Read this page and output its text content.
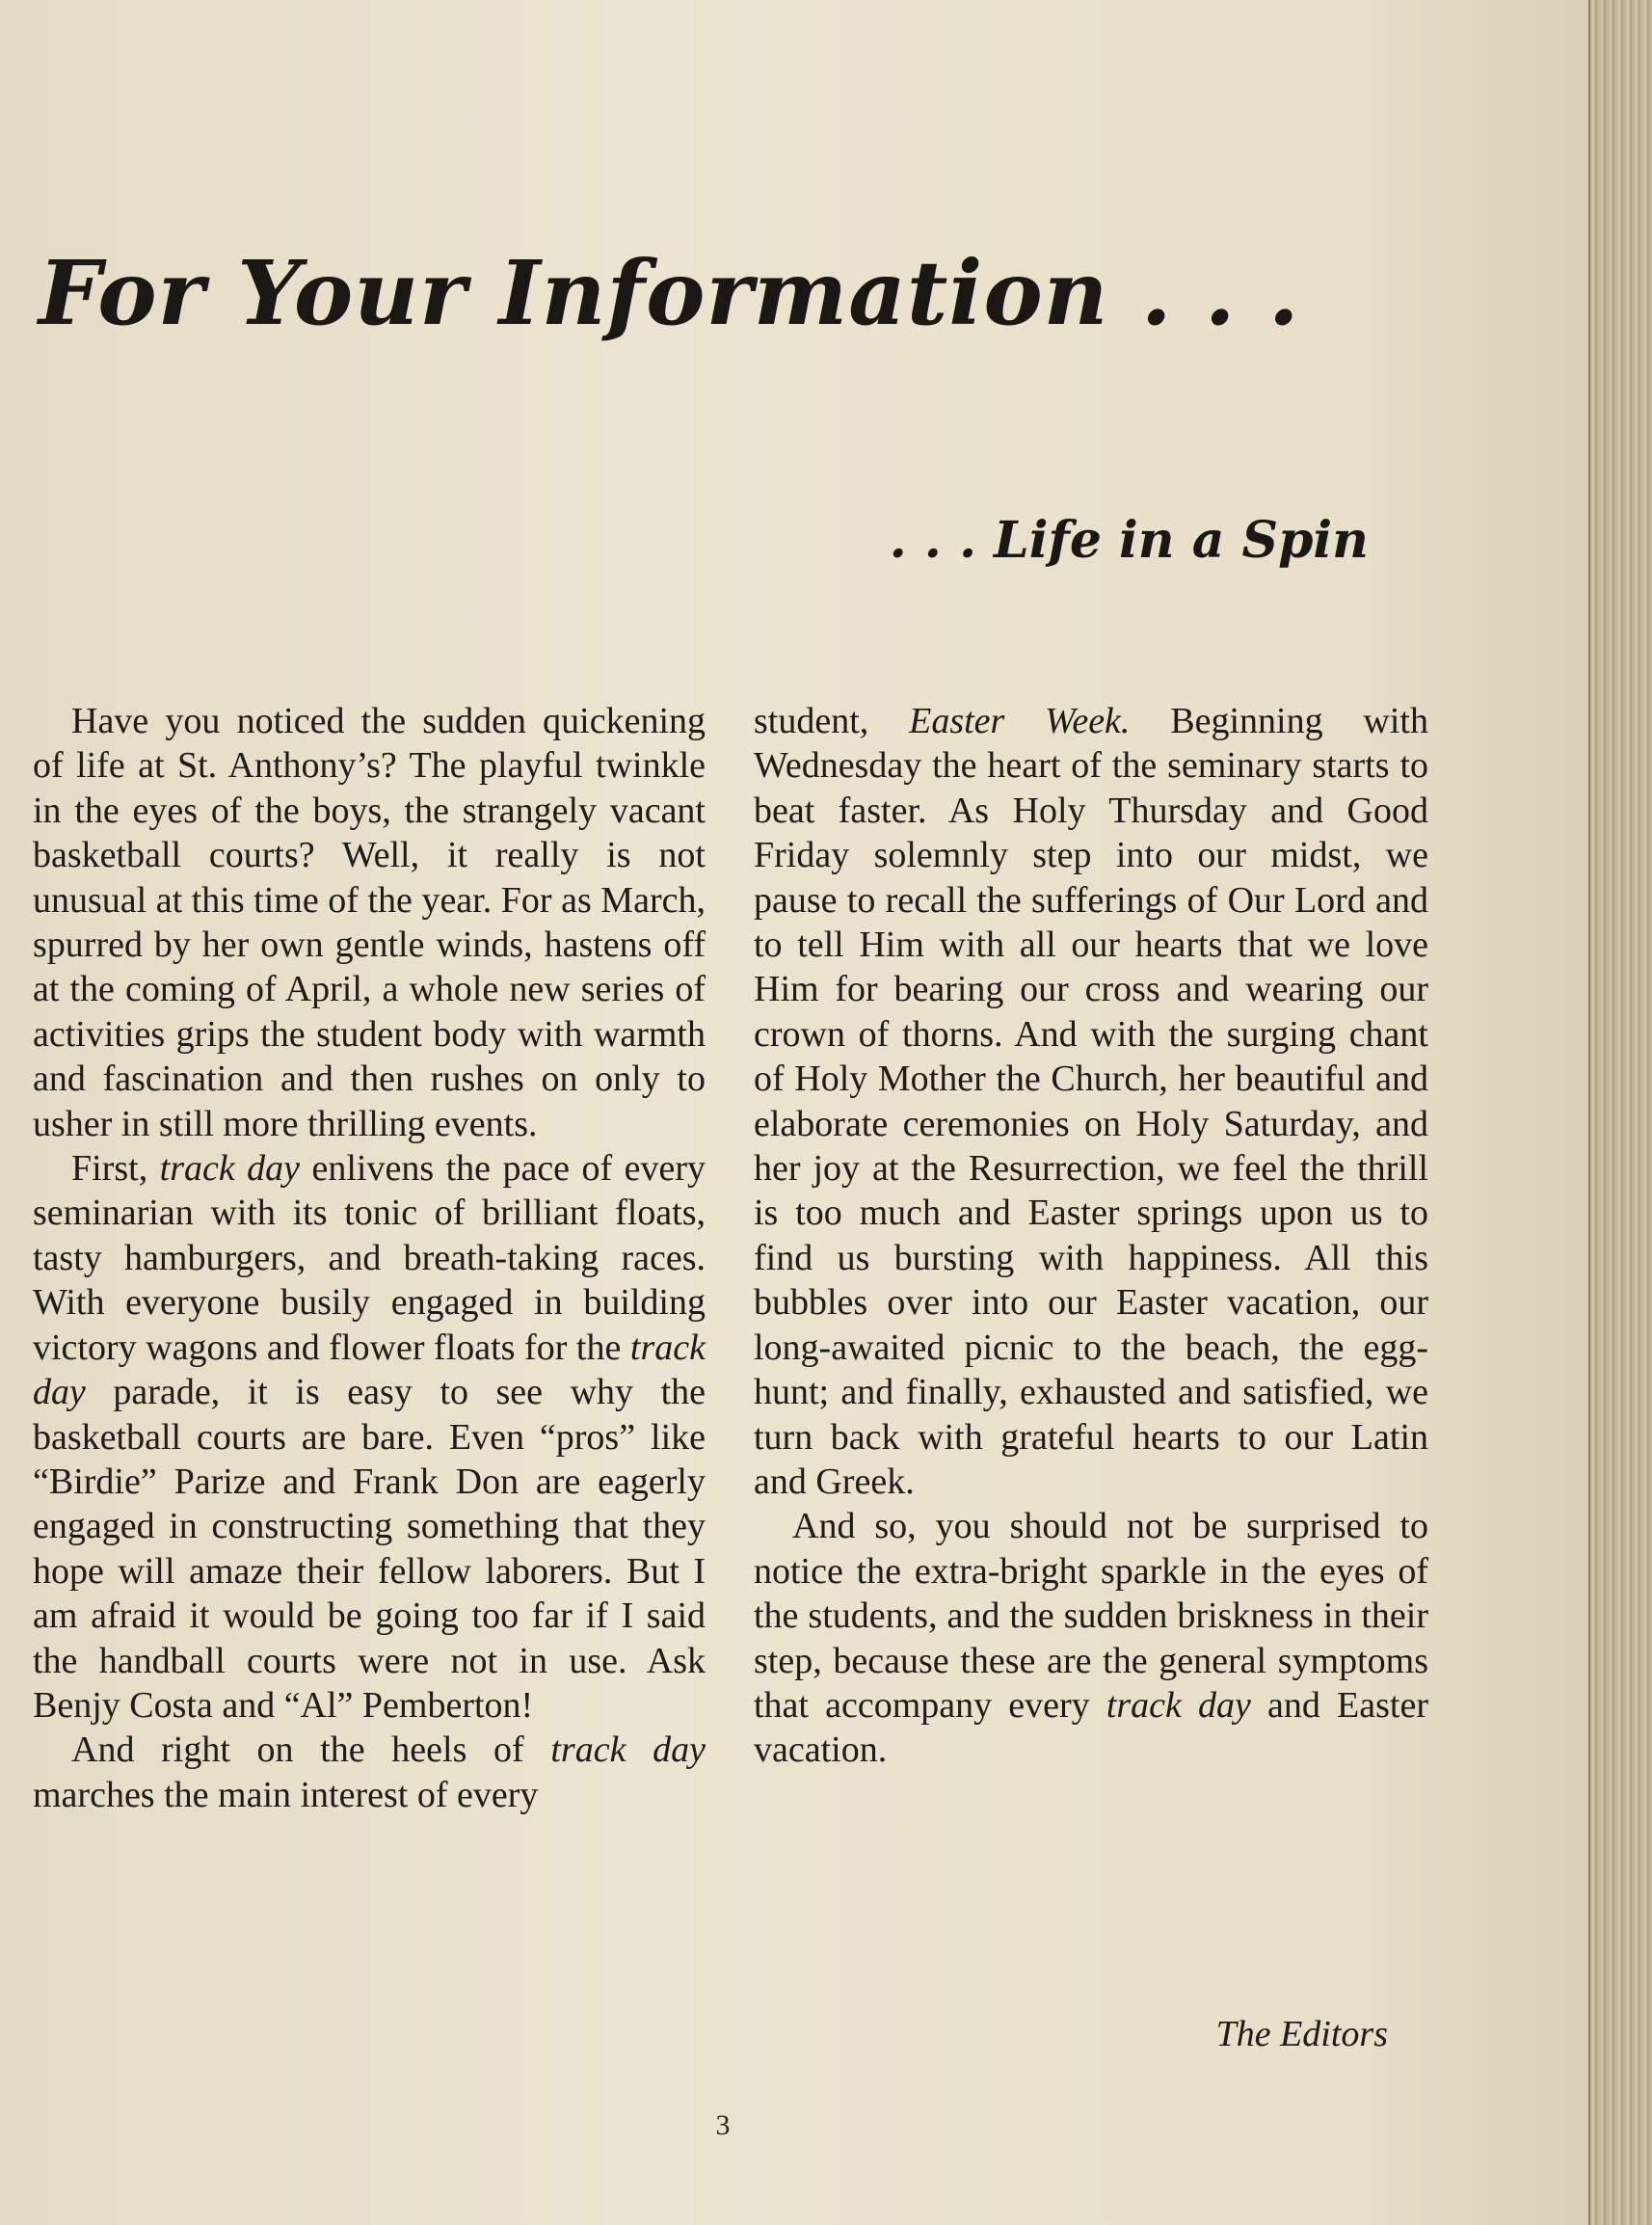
For Your Information . . .
. . . Life in a Spin

Have you noticed the sudden quickening of life at St. Anthony’s? The playful twinkle in the eyes of the boys, the strangely vacant basketball courts? Well, it really is not unusual at this time of the year. For as March, spurred by her own gentle winds, hastens off at the coming of April, a whole new series of activities grips the student body with warmth and fascination and then rushes on only to usher in still more thrilling events.

First, track day enlivens the pace of every seminarian with its tonic of brilliant floats, tasty hamburgers, and breath-taking races. With everyone busily engaged in building victory wagons and flower floats for the track day parade, it is easy to see why the basketball courts are bare. Even “pros” like “Birdie” Parize and Frank Don are eagerly engaged in constructing something that they hope will amaze their fellow laborers. But I am afraid it would be going too far if I said the handball courts were not in use. Ask Benjy Costa and “Al” Pemberton!

And right on the heels of track day marches the main interest of every

student, Easter Week. Beginning with Wednesday the heart of the seminary starts to beat faster. As Holy Thursday and Good Friday solemnly step into our midst, we pause to recall the sufferings of Our Lord and to tell Him with all our hearts that we love Him for bearing our cross and wearing our crown of thorns. And with the surging chant of Holy Mother the Church, her beautiful and elaborate ceremonies on Holy Saturday, and her joy at the Resurrection, we feel the thrill is too much and Easter springs upon us to find us bursting with happiness. All this bubbles over into our Easter vacation, our long-awaited picnic to the beach, the egg-hunt; and finally, exhausted and satisfied, we turn back with grateful hearts to our Latin and Greek.

And so, you should not be surprised to notice the extra-bright sparkle in the eyes of the students, and the sudden briskness in their step, because these are the general symptoms that accompany every track day and Easter vacation.

The Editors
3
